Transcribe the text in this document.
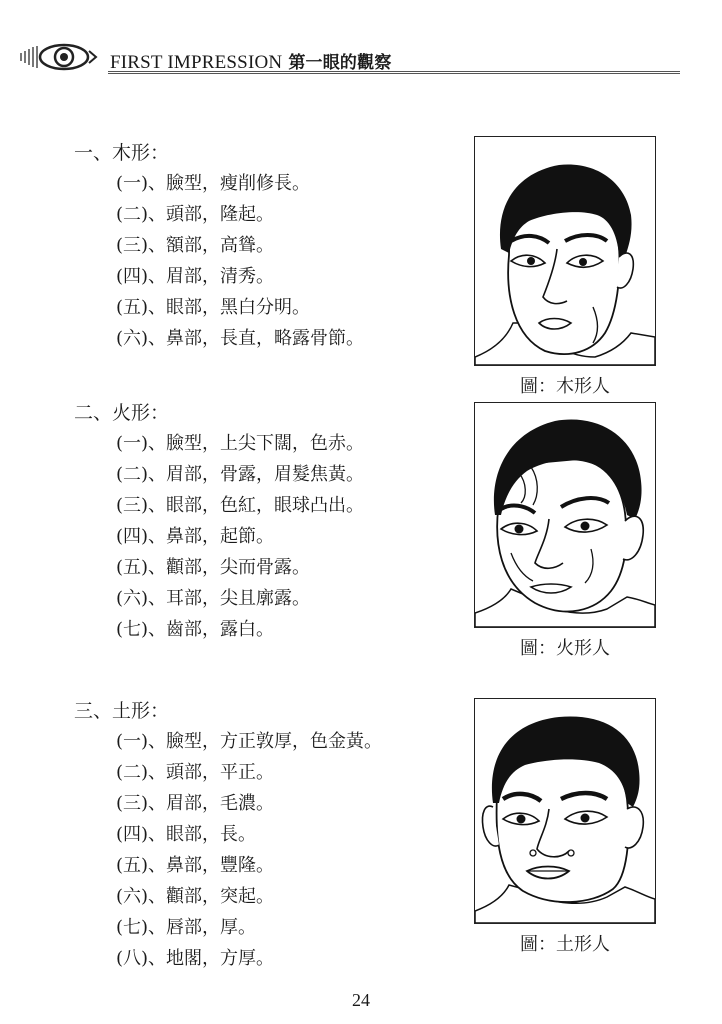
FIRST IMPRESSION 第一眼的觀察
一、木形：
(一)、臉型，瘦削修長。
(二)、頭部，隆起。
(三)、額部，高聳。
(四)、眉部，清秀。
(五)、眼部，黑白分明。
(六)、鼻部，長直，略露骨節。
圖：木形人
二、火形：
(一)、臉型，上尖下闊，色赤。
(二)、眉部，骨露，眉髮焦黃。
(三)、眼部，色紅，眼球凸出。
(四)、鼻部，起節。
(五)、顴部，尖而骨露。
(六)、耳部，尖且廓露。
(七)、齒部，露白。
圖：火形人
三、土形：
(一)、臉型，方正敦厚，色金黃。
(二)、頭部，平正。
(三)、眉部，毛濃。
(四)、眼部，長。
(五)、鼻部，豐隆。
(六)、顴部，突起。
(七)、唇部，厚。
(八)、地閣，方厚。
圖：土形人
24
